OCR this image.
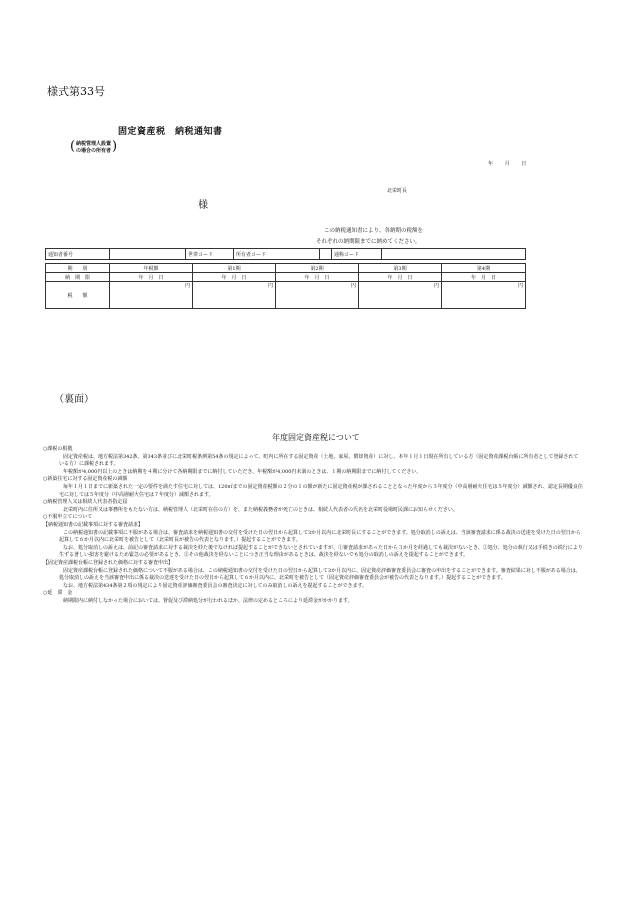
様式第33号
固定資産税　納税通知書
( 納税管理人設置
の場合の所有者 )
年 月 日
北栄町長
様
この納税通知書により、各納期の税額を
それぞれの納期限までに納めてください。
通知者番号		世帯コード	所有者コード		通称コード	
期　　別	年税額	第1期	第2期	第3期	第4期
納　期　限	年　月　日	年　月　日	年　月　日	年　月　日	年　月　日
税　　額	円	円	円	円	円
（裏面）
年度固定資産税について

○課税の根拠

固定資産税は、地方税法第342条、第343条並びに北栄町税条例第54条の規定によって、町内に所在する固定資産（土地、家屋、償却資産）に対し、本年１月１日現在所有している方（固定資産課税台帳に所有者として登録されている方）に課税されます。

年税額が4,000円以上のときは納期を４期に分けて各納期限までに納付していただき、年税額が4,000円未満のときは、１期の納期限までに納付してください。

○新築住宅に対する固定資産税の減額

毎年１月１日までに新築された一定の要件を満たす住宅に対しては、120㎡までの固定資産税額の２分の１の額が新たに固定資産税が課されることとなった年度から３年度分（中高層耐火住宅は５年度分）減額され、認定長期優良住宅に対しては５年度分（中高層耐火住宅は７年度分）減額されます。

○納税管理人又は相続人代表者指定届

北栄町内に住所又は事務所をもたない方は、納税管理人（北栄町在住の方）を、また納税義務者が死亡のときは、相続人代表者の氏名を北栄町役場町民課にお知らせください。

○不服申立てについて

【納税通知書の記載事項に対する審査請求】

この納税通知書の記載事項に不服がある場合は、審査請求を納税通知書の交付を受けた日の翌日から起算して3か月以内に北栄町長にすることができます。処分取消しの訴えは、当該審査請求に係る裁決の送達を受けた日の翌日から起算して６か月以内に北栄町を被告として（北栄町長が被告の代表となります。）提起することができます。

なお、処分取消しの訴えは、前記の審査請求に対する裁決を経た後でなければ提起することができないとされていますが、①審査請求があった日から３か月を経過しても裁決がないとき、②処分、処分の執行又は手続きの続行により生ずる著しい損害を避けるため緊急の必要があるとき、③その他裁決を経ないことにつき正当な理由があるときは、裁決を経ないでも処分の取消しの訴えを提起することができます。

【固定資産課税台帳に登録された価格に対する審査申出】

固定資産課税台帳に登録された価格について不服がある場合は、この納税通知書の交付を受けた日の翌日から起算して3か月以内に、固定資産評価審査委員会に審査の申出をすることができます。審査結果に対し不服がある場合は、処分取消しの訴えを当該審査申出に係る裁決の送達を受けた日の翌日から起算して６か月以内に、北栄町を被告として（固定資産評価審査委員会が被告の代表となります。）提起することができます。

なお、地方税法第434条第２項の規定により固定資産評価審査委員会の審査決定に対してのみ取消しの訴えを提起することができます。

○延　滞　金

納期限内に納付しなかった場合においては、督促及び滞納処分が行われるほか、法律の定めるところにより延滞金がかかります。
